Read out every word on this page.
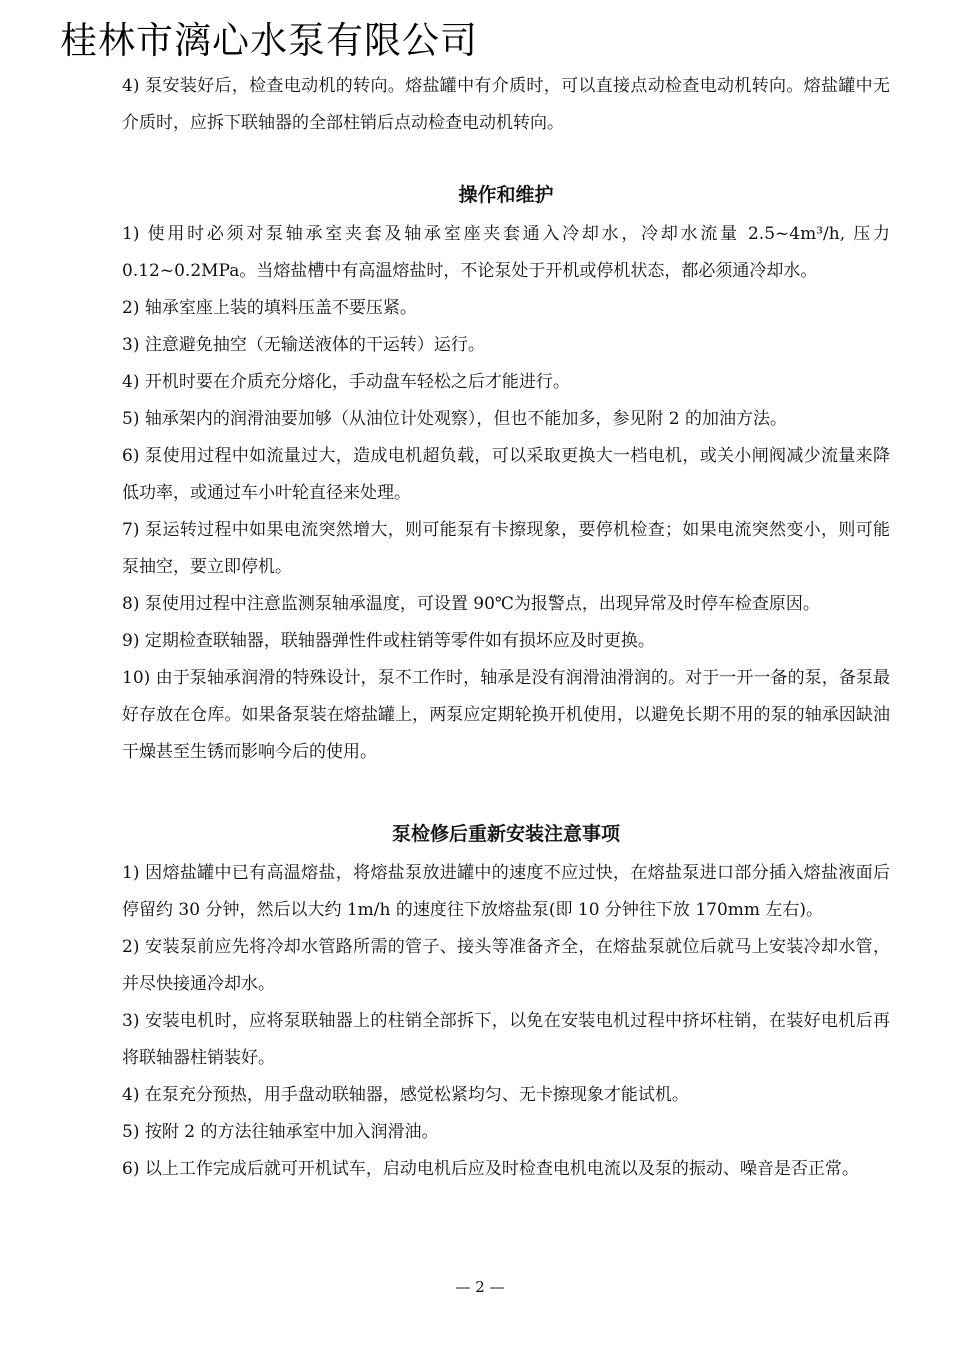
桂林市漓心水泵有限公司

4) 泵安装好后，检查电动机的转向。熔盐罐中有介质时，可以直接点动检查电动机转向。熔盐罐中无介质时，应拆下联轴器的全部柱销后点动检查电动机转向。

操作和维护

1) 使用时必须对泵轴承室夹套及轴承室座夹套通入冷却水，冷却水流量 2.5~4m³/h, 压力0.12~0.2MPa。当熔盐槽中有高温熔盐时，不论泵处于开机或停机状态，都必须通冷却水。

2) 轴承室座上装的填料压盖不要压紧。

3) 注意避免抽空（无输送液体的干运转）运行。

4) 开机时要在介质充分熔化，手动盘车轻松之后才能进行。

5) 轴承架内的润滑油要加够（从油位计处观察），但也不能加多，参见附 2 的加油方法。

6) 泵使用过程中如流量过大，造成电机超负载，可以采取更换大一档电机，或关小闸阀减少流量来降低功率，或通过车小叶轮直径来处理。

7) 泵运转过程中如果电流突然增大，则可能泵有卡擦现象，要停机检查；如果电流突然变小，则可能泵抽空，要立即停机。

8) 泵使用过程中注意监测泵轴承温度，可设置 90℃为报警点，出现异常及时停车检查原因。

9) 定期检查联轴器，联轴器弹性件或柱销等零件如有损坏应及时更换。

10) 由于泵轴承润滑的特殊设计，泵不工作时，轴承是没有润滑油滑润的。对于一开一备的泵，备泵最好存放在仓库。如果备泵装在熔盐罐上，两泵应定期轮换开机使用，以避免长期不用的泵的轴承因缺油干燥甚至生锈而影响今后的使用。

泵检修后重新安装注意事项

1) 因熔盐罐中已有高温熔盐，将熔盐泵放进罐中的速度不应过快，在熔盐泵进口部分插入熔盐液面后停留约 30 分钟，然后以大约 1m/h 的速度往下放熔盐泵(即 10 分钟往下放 170mm 左右)。

2) 安装泵前应先将冷却水管路所需的管子、接头等准备齐全，在熔盐泵就位后就马上安装冷却水管，并尽快接通冷却水。

3) 安装电机时，应将泵联轴器上的柱销全部拆下，以免在安装电机过程中挤坏柱销，在装好电机后再将联轴器柱销装好。

4) 在泵充分预热，用手盘动联轴器，感觉松紧均匀、无卡擦现象才能试机。

5) 按附 2 的方法往轴承室中加入润滑油。

6) 以上工作完成后就可开机试车，启动电机后应及时检查电机电流以及泵的振动、噪音是否正常。

— 2 —
